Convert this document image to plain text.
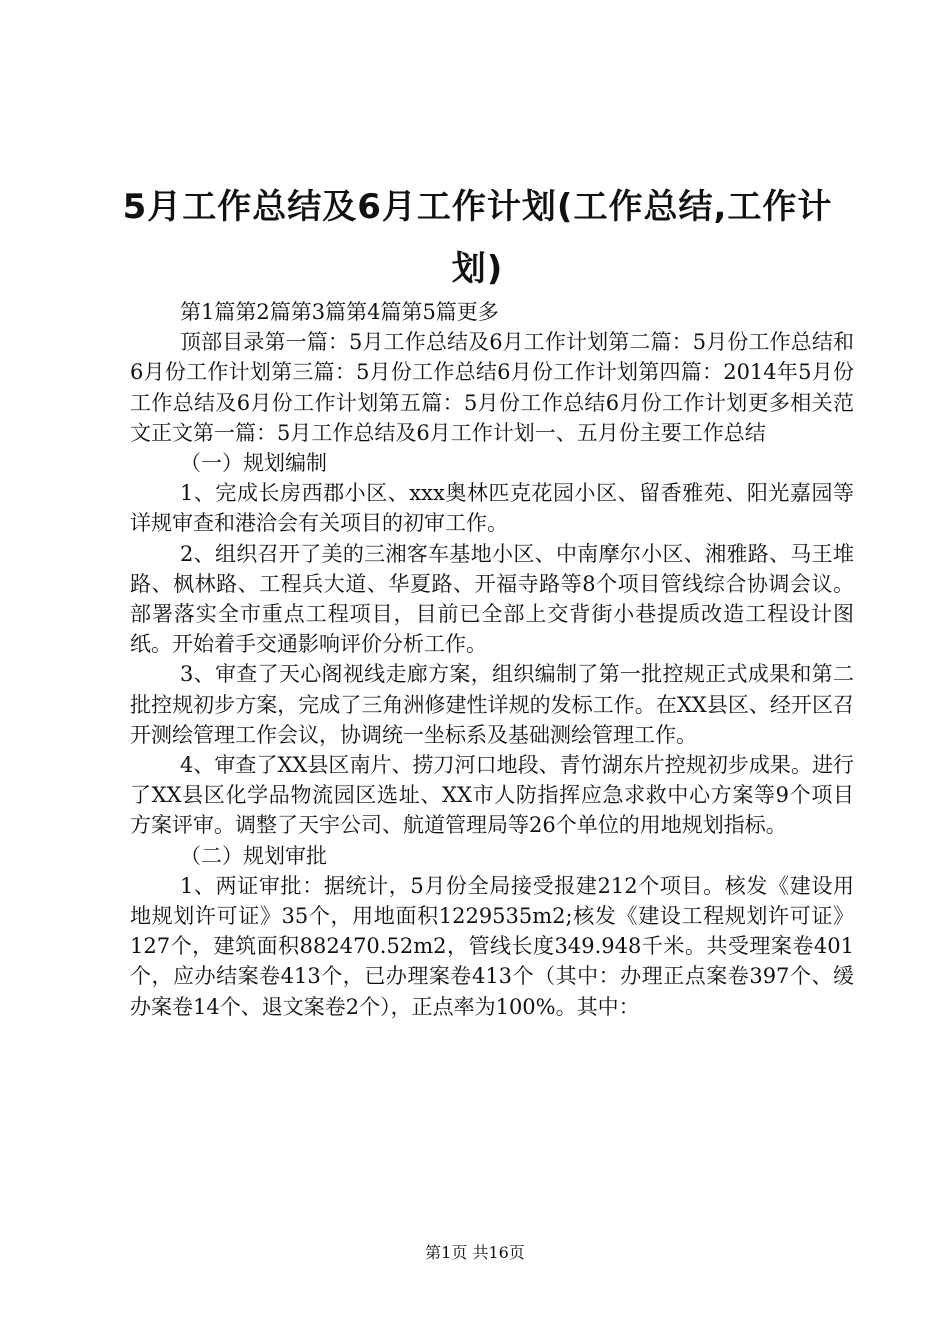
5月工作总结及6月工作计划(工作总结,工作计划)

第1篇第2篇第3篇第4篇第5篇更多

顶部目录第一篇：5月工作总结及6月工作计划第二篇：5月份工作总结和6月份工作计划第三篇：5月份工作总结6月份工作计划第四篇：2014年5月份工作总结及6月份工作计划第五篇：5月份工作总结6月份工作计划更多相关范文正文第一篇：5月工作总结及6月工作计划一、五月份主要工作总结

（一）规划编制

1、完成长房西郡小区、xxx奥林匹克花园小区、留香雅苑、阳光嘉园等详规审查和港洽会有关项目的初审工作。

2、组织召开了美的三湘客车基地小区、中南摩尔小区、湘雅路、马王堆路、枫林路、工程兵大道、华夏路、开福寺路等8个项目管线综合协调会议。部署落实全市重点工程项目，目前已全部上交背街小巷提质改造工程设计图纸。开始着手交通影响评价分析工作。

3、审查了天心阁视线走廊方案，组织编制了第一批控规正式成果和第二批控规初步方案，完成了三角洲修建性详规的发标工作。在XX县区、经开区召开测绘管理工作会议，协调统一坐标系及基础测绘管理工作。

4、审查了XX县区南片、捞刀河口地段、青竹湖东片控规初步成果。进行了XX县区化学品物流园区选址、XX市人防指挥应急求救中心方案等9个项目方案评审。调整了天宇公司、航道管理局等26个单位的用地规划指标。

（二）规划审批

1、两证审批：据统计，5月份全局接受报建212个项目。核发《建设用地规划许可证》35个，用地面积1229535m2;核发《建设工程规划许可证》127个，建筑面积882470.52m2，管线长度349.948千米。共受理案卷401个，应办结案卷413个，已办理案卷413个（其中：办理正点案卷397个、缓办案卷14个、退文案卷2个），正点率为100%。其中：

第1页 共16页
